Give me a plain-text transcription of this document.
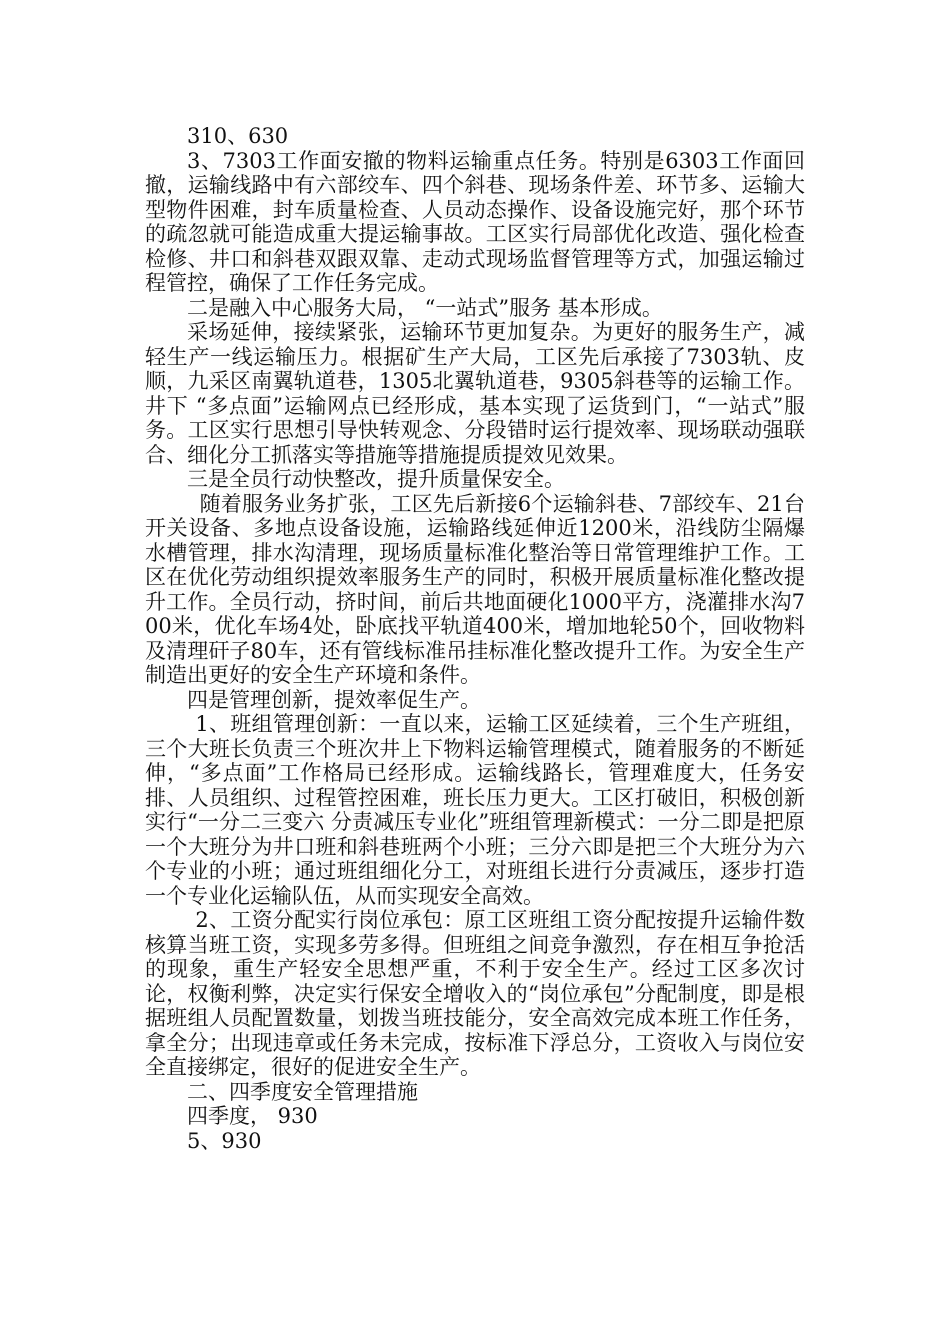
310、630

3、7303工作面安撤的物料运输重点任务。特别是6303工作面回撤，运输线路中有六部绞车、四个斜巷、现场条件差、环节多、运输大型物件困难，封车质量检查、人员动态操作、设备设施完好，那个环节的疏忽就可能造成重大提运输事故。工区实行局部优化改造、强化检查检修、井口和斜巷双跟双靠、走动式现场监督管理等方式，加强运输过程管控，确保了工作任务完成。

二是融入中心服务大局， “一站式”服务 基本形成。

采场延伸，接续紧张，运输环节更加复杂。为更好的服务生产，减轻生产一线运输压力。根据矿生产大局，工区先后承接了7303轨、皮顺，九采区南翼轨道巷，1305北翼轨道巷，9305斜巷等的运输工作。井下 “多点面”运输网点已经形成，基本实现了运货到门，“一站式”服务。工区实行思想引导快转观念、分段错时运行提效率、现场联动强联合、细化分工抓落实等措施等措施提质提效见效果。

三是全员行动快整改，提升质量保安全。

随着服务业务扩张，工区先后新接6个运输斜巷、7部绞车、21台开关设备、多地点设备设施，运输路线延伸近1200米，沿线防尘隔爆水槽管理，排水沟清理，现场质量标准化整治等日常管理维护工作。工区在优化劳动组织提效率服务生产的同时，积极开展质量标准化整改提升工作。全员行动，挤时间，前后共地面硬化1000平方，浇灌排水沟700米，优化车场4处，卧底找平轨道400米，增加地轮50个，回收物料及清理矸子80车，还有管线标准吊挂标准化整改提升工作。为安全生产制造出更好的安全生产环境和条件。

四是管理创新，提效率促生产。

1、班组管理创新：一直以来，运输工区延续着，三个生产班组，三个大班长负责三个班次井上下物料运输管理模式，随着服务的不断延伸，“多点面”工作格局已经形成。运输线路长，管理难度大，任务安排、人员组织、过程管控困难，班长压力更大。工区打破旧，积极创新实行“一分二三变六 分责减压专业化”班组管理新模式：一分二即是把原一个大班分为井口班和斜巷班两个小班；三分六即是把三个大班分为六个专业的小班；通过班组细化分工，对班组长进行分责减压，逐步打造一个专业化运输队伍，从而实现安全高效。

2、工资分配实行岗位承包：原工区班组工资分配按提升运输件数核算当班工资，实现多劳多得。但班组之间竞争激烈，存在相互争抢活的现象，重生产轻安全思想严重，不利于安全生产。经过工区多次讨论，权衡利弊，决定实行保安全增收入的“岗位承包”分配制度，即是根据班组人员配置数量，划拨当班技能分，安全高效完成本班工作任务，拿全分；出现违章或任务未完成，按标准下浮总分，工资收入与岗位安全直接绑定，很好的促进安全生产。

二、四季度安全管理措施

四季度， 930

5、930
